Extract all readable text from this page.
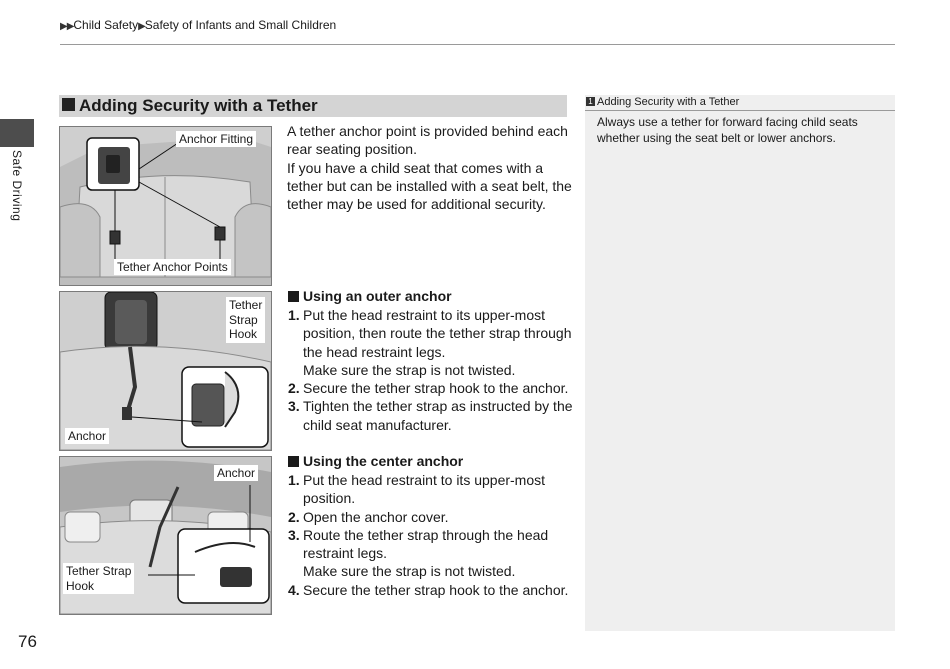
▶▶Child Safety▶Safety of Infants and Small Children
Safe Driving
Adding Security with a Tether
Anchor Fitting
Tether Anchor Points
Tether
Strap
Hook
Anchor
Anchor
Tether Strap
Hook
A tether anchor point is provided behind each rear seating position.
If you have a child seat that comes with a tether but can be installed with a seat belt, the tether may be used for additional security.
Using an outer anchor
1. Put the head restraint to its upper-most position, then route the tether strap through the head restraint legs.
Make sure the strap is not twisted.
2. Secure the tether strap hook to the anchor.
3. Tighten the tether strap as instructed by the child seat manufacturer.
Using the center anchor
1. Put the head restraint to its upper-most position.
2. Open the anchor cover.
3. Route the tether strap through the head restraint legs.
Make sure the strap is not twisted.
4. Secure the tether strap hook to the anchor.
1 Adding Security with a Tether
Always use a tether for forward facing child seats whether using the seat belt or lower anchors.
76
